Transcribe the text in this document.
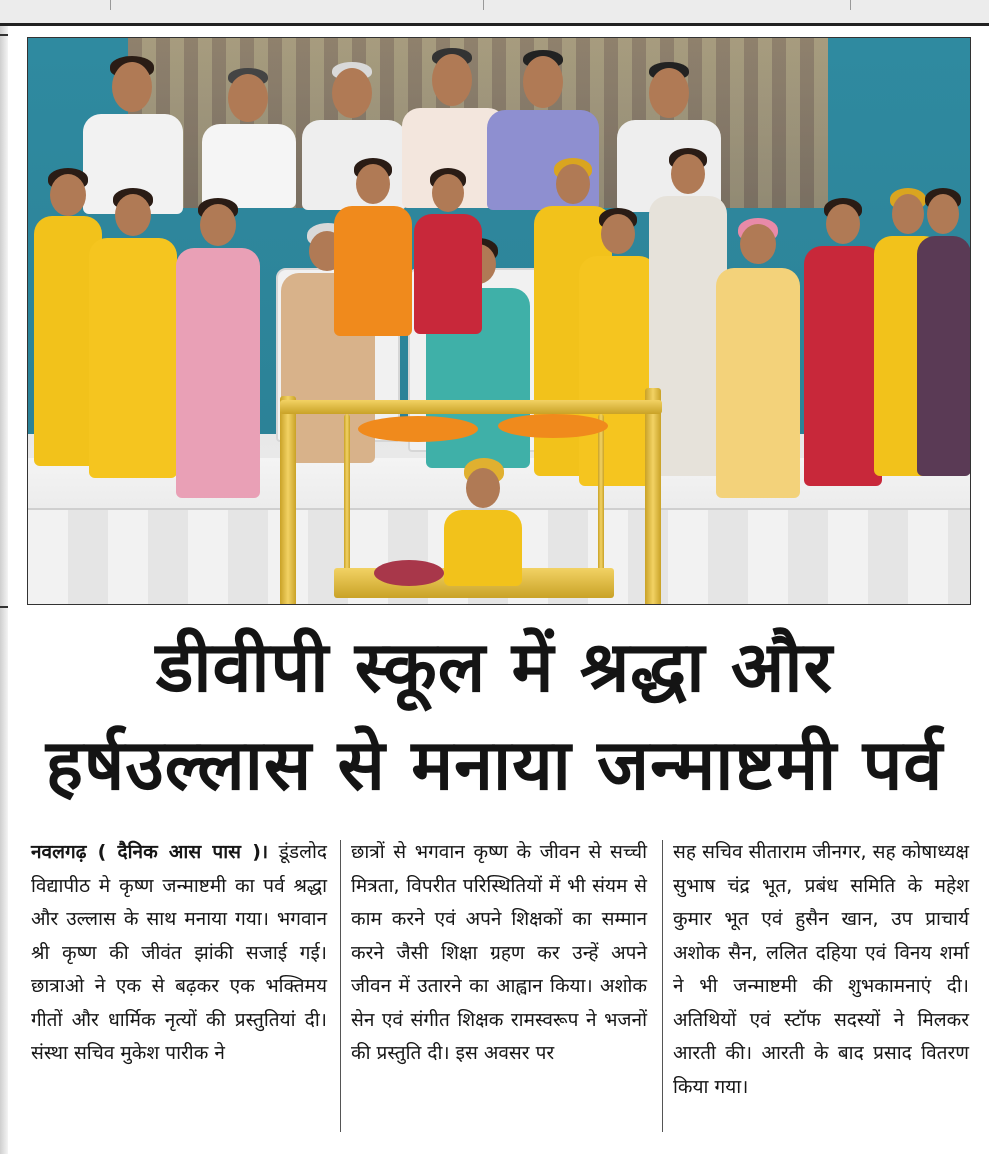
डीवीपी स्कूल में श्रद्धा और
हर्षउल्लास से मनाया जन्माष्टमी पर्व
नवलगढ़ ( दैनिक आस पास )। डूंडलोद विद्यापीठ मे कृष्ण जन्माष्टमी का पर्व श्रद्धा और उल्लास के साथ मनाया गया। भगवान श्री कृष्ण की जीवंत झांकी सजाई गई। छात्राओ ने एक से बढ़कर एक भक्तिमय गीतों और धार्मिक नृत्यों की प्रस्तुतियां दी। संस्था सचिव मुकेश पारीक ने
छात्रों से भगवान कृष्ण के जीवन से सच्ची मित्रता, विपरीत परिस्थितियों में भी संयम से काम करने एवं अपने शिक्षकों का सम्मान करने जैसी शिक्षा ग्रहण कर उन्हें अपने जीवन में उतारने का आह्वान किया। अशोक सेन एवं संगीत शिक्षक रामस्वरूप ने भजनों की प्रस्तुति दी। इस अवसर पर
सह सचिव सीताराम जीनगर, सह कोषाध्यक्ष सुभाष चंद्र भूत, प्रबंध समिति के महेश कुमार भूत एवं हुसैन खान, उप प्राचार्य अशोक सैन, ललित दहिया एवं विनय शर्मा ने भी जन्माष्टमी की शुभकामनाएं दी। अतिथियों एवं स्टॉफ सदस्यों ने मिलकर आरती की। आरती के बाद प्रसाद वितरण किया गया।
